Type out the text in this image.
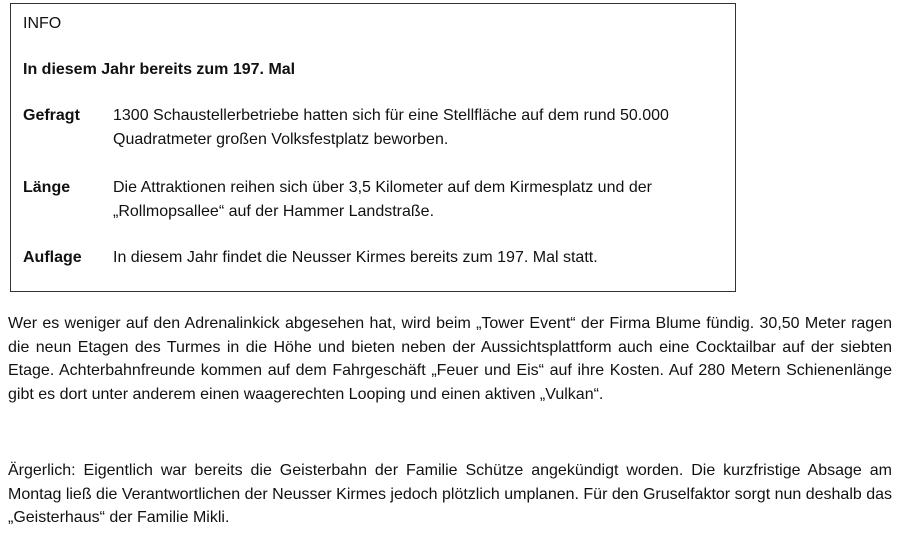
INFO
In diesem Jahr bereits zum 197. Mal
Gefragt 1300 Schaustellerbetriebe hatten sich für eine Stellfläche auf dem rund 50.000 Quadratmeter großen Volksfestplatz beworben.
Länge	Die Attraktionen reihen sich über 3,5 Kilometer auf dem Kirmesplatz und der „Rollmopsallee“ auf der Hammer Landstraße.
Auflage In diesem Jahr findet die Neusser Kirmes bereits zum 197. Mal statt.

Wer es weniger auf den Adrenalinkick abgesehen hat, wird beim „Tower Event“ der Firma Blume fündig. 30,50 Meter ragen die neun Etagen des Turmes in die Höhe und bieten neben der Aussichtsplattform auch eine Cocktailbar auf der siebten Etage. Achterbahnfreunde kommen auf dem Fahrgeschäft „Feuer und Eis“ auf ihre Kosten. Auf 280 Metern Schienenlänge gibt es dort unter anderem einen waagerechten Looping und einen aktiven „Vulkan“.

Ärgerlich: Eigentlich war bereits die Geisterbahn der Familie Schütze angekündigt worden. Die kurzfristige Absage am Montag ließ die Verantwortlichen der Neusser Kirmes jedoch plötzlich umplanen. Für den Gruselfaktor sorgt nun deshalb das „Geisterhaus“ der Familie Mikli.
